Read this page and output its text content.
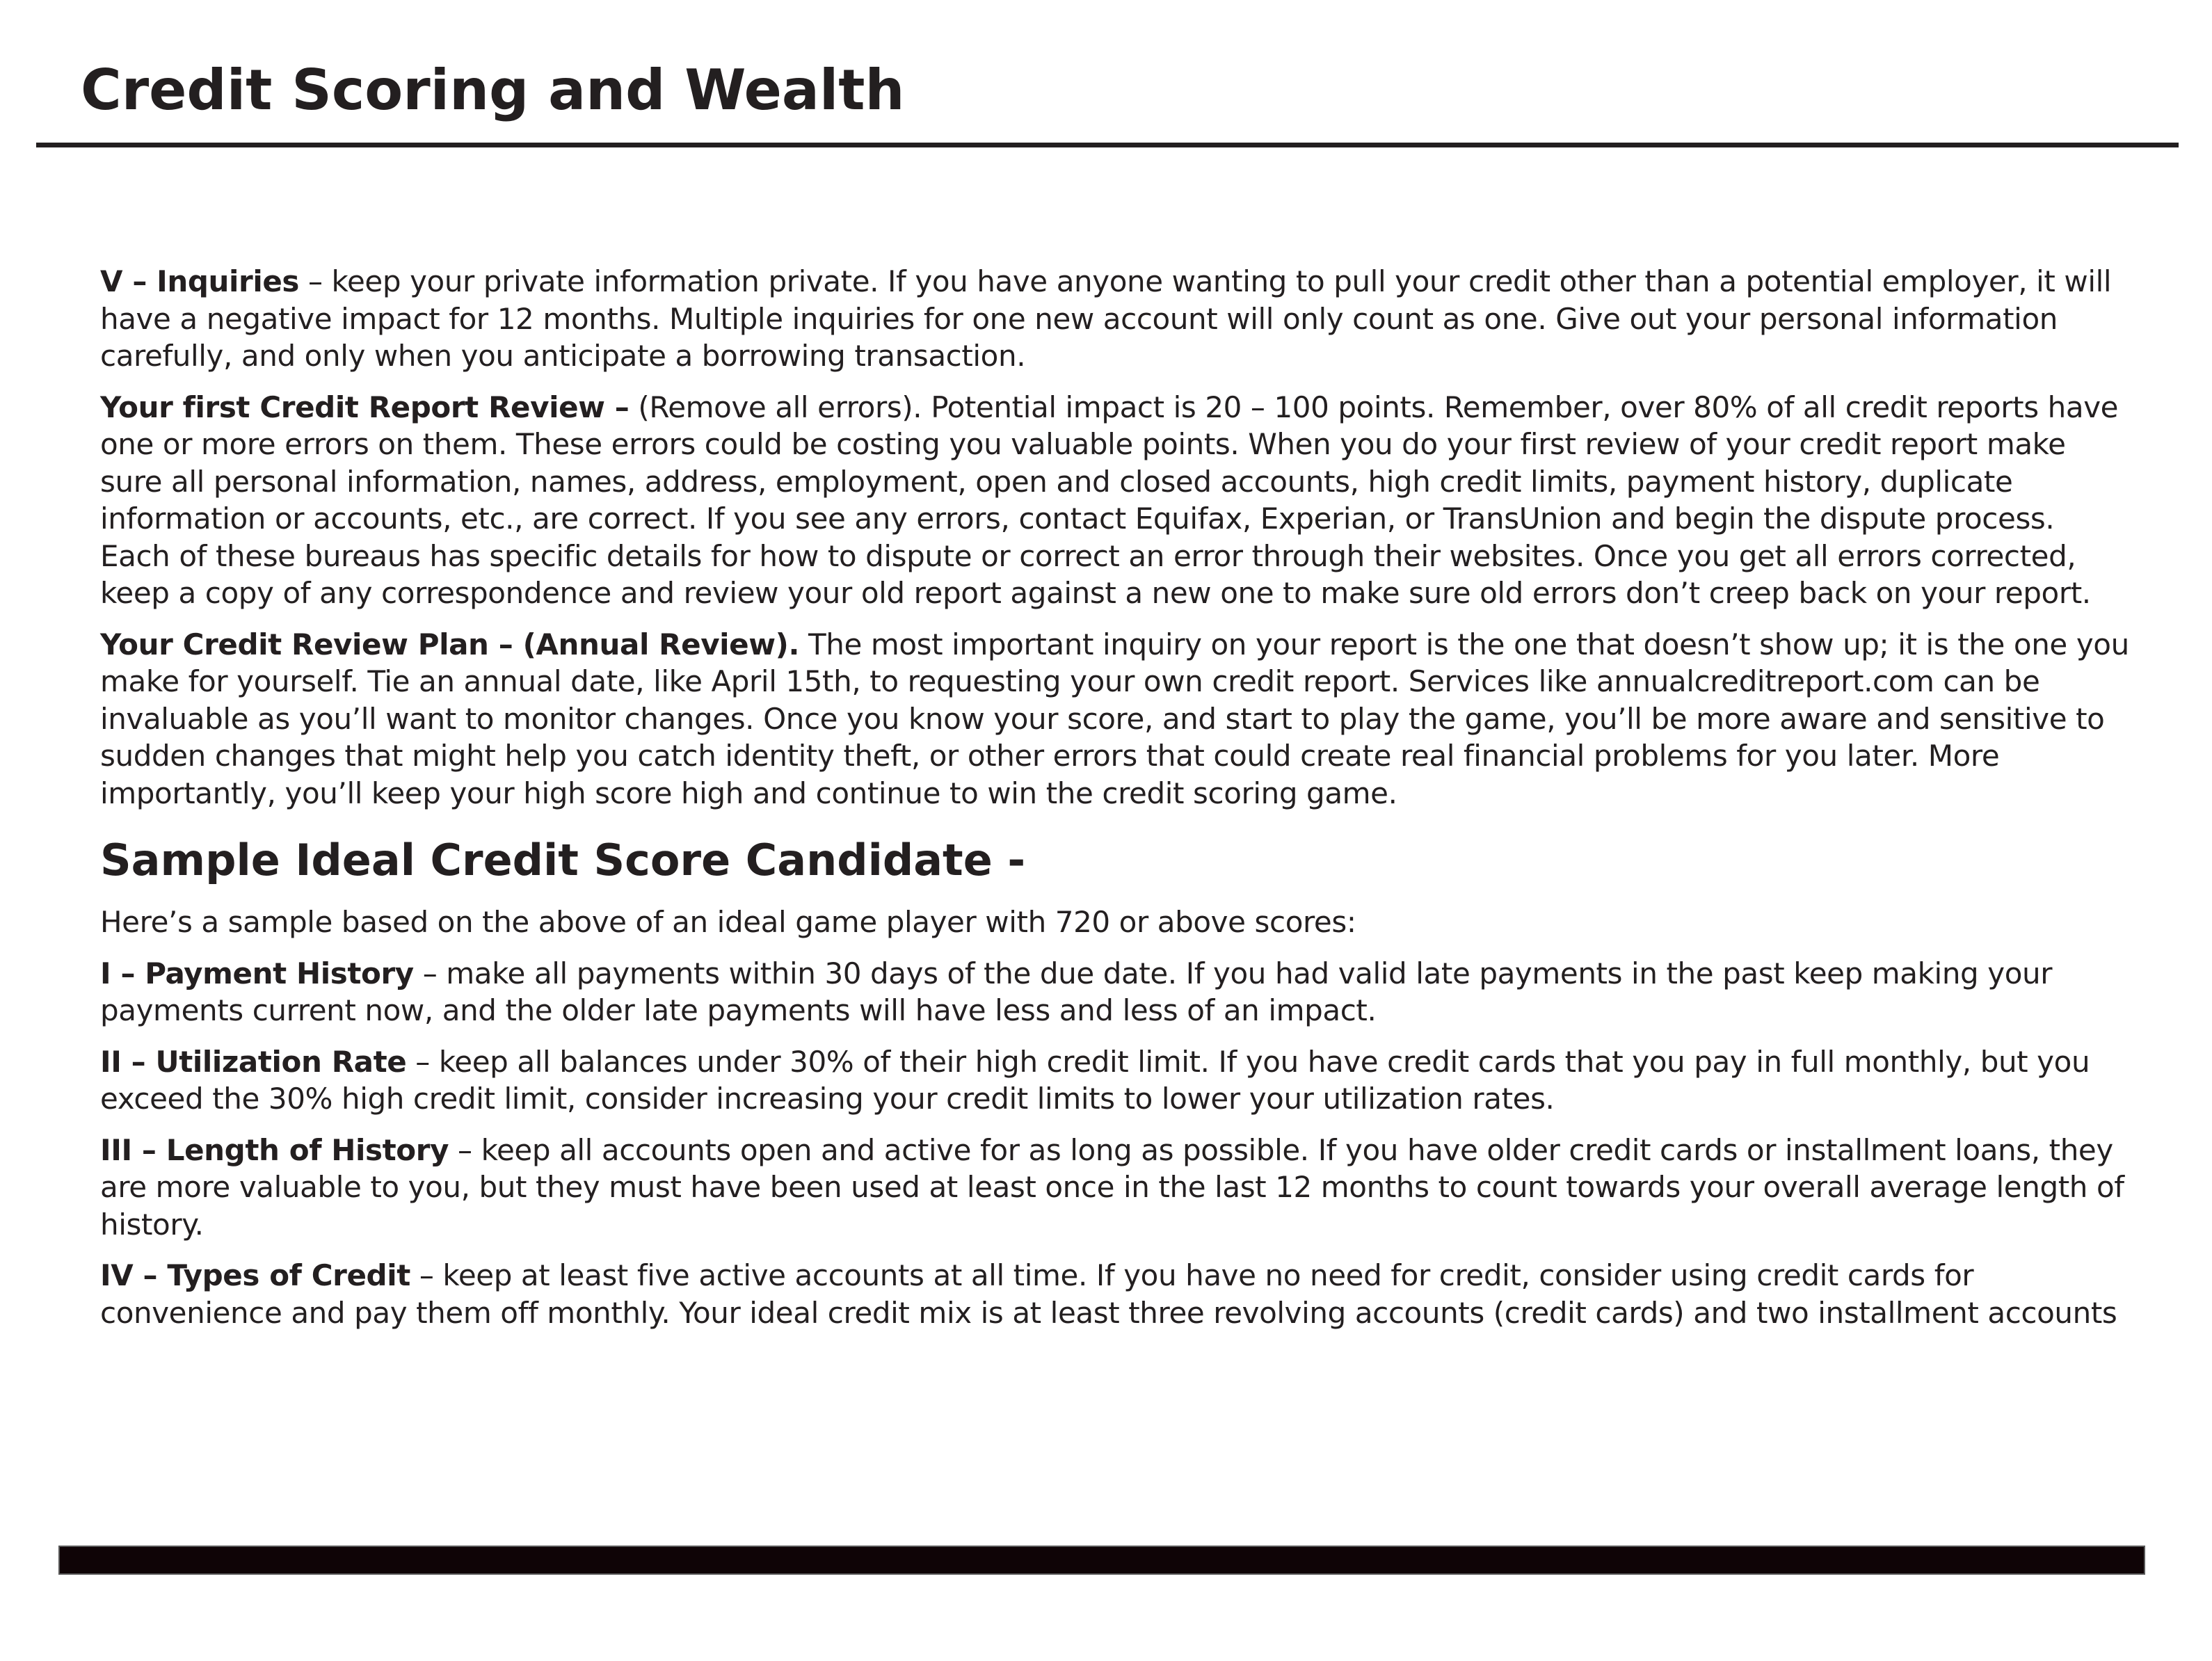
Credit Scoring and Wealth

V – Inquiries – keep your private information private. If you have anyone wanting to pull your credit other than a potential employer, it will have a negative impact for 12 months. Multiple inquiries for one new account will only count as one. Give out your personal information carefully, and only when you anticipate a borrowing transaction.

Your first Credit Report Review – (Remove all errors). Potential impact is 20 – 100 points. Remember, over 80% of all credit reports have one or more errors on them. These errors could be costing you valuable points. When you do your first review of your credit report make sure all personal information, names, address, employment, open and closed accounts, high credit limits, payment history, duplicate information or accounts, etc., are correct. If you see any errors, contact Equifax, Experian, or TransUnion and begin the dispute process. Each of these bureaus has specific details for how to dispute or correct an error through their websites. Once you get all errors corrected, keep a copy of any correspondence and review your old report against a new one to make sure old errors don’t creep back on your report.

Your Credit Review Plan – (Annual Review). The most important inquiry on your report is the one that doesn’t show up; it is the one you make for yourself. Tie an annual date, like April 15th, to requesting your own credit report. Services like annualcreditreport.com can be invaluable as you’ll want to monitor changes. Once you know your score, and start to play the game, you’ll be more aware and sensitive to sudden changes that might help you catch identity theft, or other errors that could create real financial problems for you later. More importantly, you’ll keep your high score high and continue to win the credit scoring game.

Sample Ideal Credit Score Candidate -

Here’s a sample based on the above of an ideal game player with 720 or above scores:

I – Payment History – make all payments within 30 days of the due date. If you had valid late payments in the past keep making your payments current now, and the older late payments will have less and less of an impact.

II – Utilization Rate – keep all balances under 30% of their high credit limit. If you have credit cards that you pay in full monthly, but you exceed the 30% high credit limit, consider increasing your credit limits to lower your utilization rates.

III – Length of History – keep all accounts open and active for as long as possible. If you have older credit cards or installment loans, they are more valuable to you, but they must have been used at least once in the last 12 months to count towards your overall average length of history.

IV – Types of Credit – keep at least five active accounts at all time. If you have no need for credit, consider using credit cards for convenience and pay them off monthly. Your ideal credit mix is at least three revolving accounts (credit cards) and two installment accounts
